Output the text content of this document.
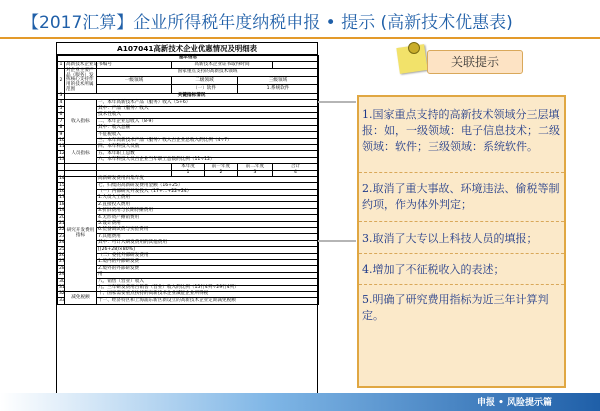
【2017汇算】企业所得税年度纳税申报 • 提示 (高新技术优惠表)
A107041高新技术企业优惠情况及明细表
基本信息						
1	高新技术企业证书编号		高新技术企业证书取得时间			
2	对企业主要产品（服务）发挥核心支持作用的技术所属范围	国家重点支持的高新技术领域				
		一级领域	二级领域		三级领域	
			（一）软件		1.系统软件	
3	关键指标情况					
4	收入指标	一、本年高新技术产品（服务）收入（5+6）				
5		其中：产品（服务）收入				
6		技术性收入				
7		二、本年企业总收入（8-9）				
8		其中：收入总额				
9		不征税收入				
10		三、本年高新技术产品（服务）收入占企业总收入的比例（4÷7）				
11	人员指标	四、本年科技人员数				
12		五、本年职工总数				
13		六、本年科技人员占企业当年职工总数的比例（11÷12）				
			本年度	前一年度	前二年度	合计
			1	2	3	4
14	研究开发费用指标	高新研发费用归集年度				
15		七、归集的高新研发费用金额（16+25）				
16		（一）内部研究开发投入（17+…+22+24）				
17		1.人员人工费用				
18		2.直接投入费用				
19		3.折旧费用与长期待摊费用				
20		4.无形资产摊销费用				
21		5.设计费用				
22		6.装备调试费与实验费用				
23		7.其他费用				
24		其中：可计入研发费用的其他费用				
25		[(26+28)×80%]				
26		（二）委托外部研发费用				
27		1.境内的外部研发费				
28		2.境外的外部研发费				
29		用				
30		八、销售（营业）收入				
31		九、三年研发费用占销售（营业）收入的比例（15行4列÷29行4列）				
32	减免税额	十、国家需要重点扶持的高新技术企业减征企业所得税				
33		十一、经济特区和上海浦东新区新设立的高新技术企业定期减免税额				
关联提示
1.国家重点支持的高新技术领域分三层填报：如，一级领域：电子信息技术；二级领域：软件；三级领域：系统软件。
2.取消了重大事故、环境违法、偷税等制约项，作为体外判定；
3.取消了大专以上科技人员的填报；
4.增加了不征税收入的表述；
5.明确了研究费用指标为近三年计算判定。
申报 • 风险提示篇
